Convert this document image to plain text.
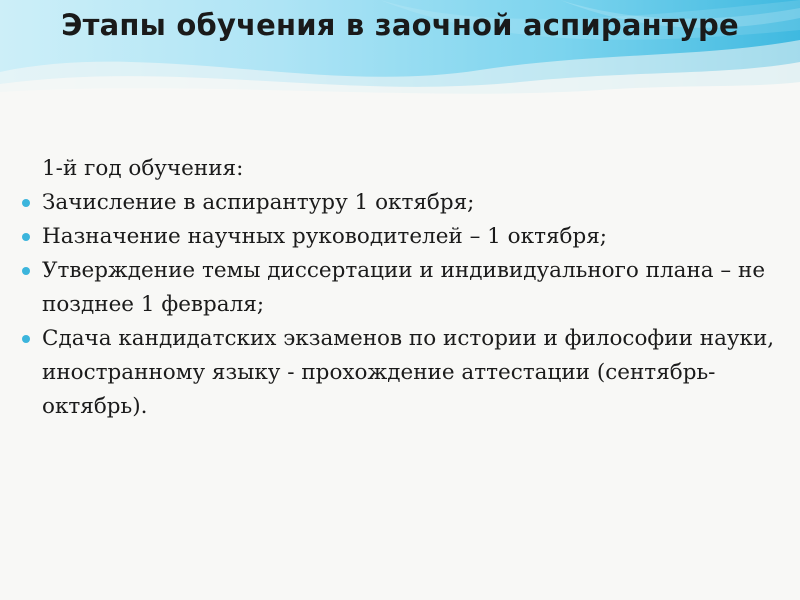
Этапы обучения в заочной аспирантуре

1-й год обучения:

Зачисление в аспирантуру 1 октября;
Назначение научных руководителей – 1 октября;
Утверждение темы диссертации и индивидуального плана – не позднее 1 февраля;
Сдача кандидатских экзаменов по истории и философии науки, иностранному языку - прохождение аттестации (сентябрь-октябрь).
